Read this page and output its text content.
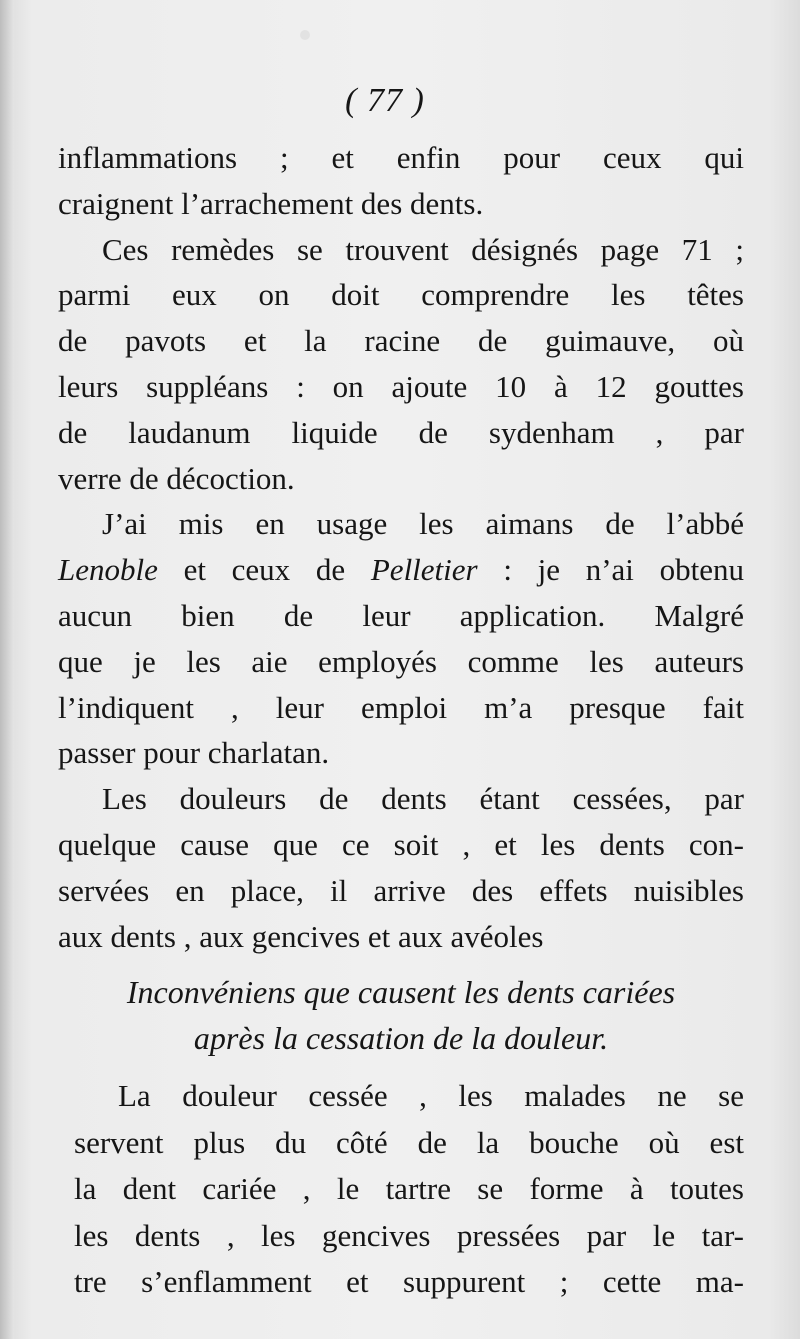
( 77 )
inflammations ; et enfin pour ceux qui
craignent l’arrachement des dents.
Ces remèdes se trouvent désignés page 71 ;
parmi eux on doit comprendre les têtes
de pavots et la racine de guimauve, où
leurs suppléans : on ajoute 10 à 12 gouttes
de laudanum liquide de sydenham , par
verre de décoction.
J’ai mis en usage les aimans de l’abbé
Lenoble et ceux de Pelletier : je n’ai obtenu
aucun bien de leur application. Malgré
que je les aie employés comme les auteurs
l’indiquent , leur emploi m’a presque fait
passer pour charlatan.
Les douleurs de dents étant cessées, par
quelque cause que ce soit , et les dents con-
servées en place, il arrive des effets nuisibles
aux dents , aux gencives et aux avéoles
Inconvéniens que causent les dents cariées
après la cessation de la douleur.
La douleur cessée , les malades ne se
servent plus du côté de la bouche où est
la dent cariée , le tartre se forme à toutes
les dents , les gencives pressées par le tar-
tre s’enflamment et suppurent ; cette ma-
